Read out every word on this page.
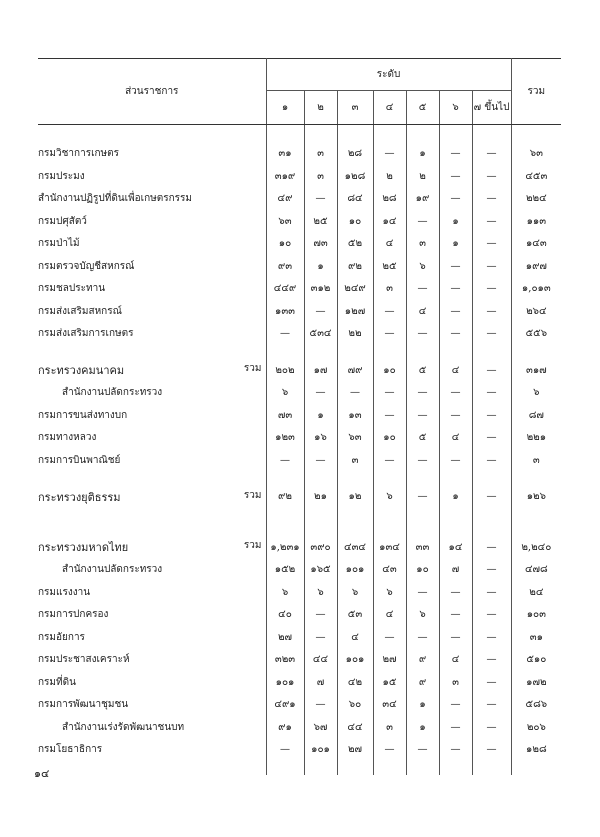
ส่วนราชการ	ระดับ							รวม
	๑	๒	๓	๔	๕	๖	๗ ขึ้นไป	

กรมวิชาการเกษตร	๓๑	๓	๒๘	—	๑	—	—	๖๓
กรมประมง	๓๑๙	๓	๑๒๘	๒	๒	—	—	๔๕๓
สำนักงานปฏิรูปที่ดินเพื่อเกษตรกรรม	๔๙	—	๘๔	๒๘	๑๙	—	—	๒๒๔
กรมปศุสัตว์	๖๓	๒๕	๑๐	๑๔	—	๑	—	๑๑๓
กรมป่าไม้	๑๐	๗๓	๕๒	๔	๓	๑	—	๑๔๓
กรมตรวจบัญชีสหกรณ์	๙๓	๑	๙๒	๒๕	๖	—	—	๑๙๗
กรมชลประทาน	๔๔๙	๓๑๒	๒๔๙	๓	—	—	—	๑,๐๑๓
กรมส่งเสริมสหกรณ์	๑๓๓	—	๑๒๗	—	๔	—	—	๒๖๔
กรมส่งเสริมการเกษตร	—	๕๓๔	๒๒	—	—	—	—	๕๕๖

รวม
กระทรวงคมนาคม	๒๐๒	๑๗	๗๙	๑๐	๕	๔	—	๓๑๗
สำนักงานปลัดกระทรวง	๖	—	—	—	—	—	—	๖
กรมการขนส่งทางบก	๗๓	๑	๑๓	—	—	—	—	๘๗
กรมทางหลวง	๑๒๓	๑๖	๖๓	๑๐	๕	๔	—	๒๒๑
กรมการบินพาณิชย์	—	—	๓	—	—	—	—	๓

รวม
กระทรวงยุติธรรม	๙๒	๒๑	๑๒	๖	—	๑	—	๑๒๖

รวม
กระทรวงมหาดไทย	๑,๒๓๑	๓๙๐	๔๓๔	๑๓๔	๓๓	๑๔	—	๒,๒๔๐
สำนักงานปลัดกระทรวง	๑๕๒	๑๖๕	๑๐๑	๔๓	๑๐	๗	—	๔๗๘
กรมแรงงาน	๖	๖	๖	๖	—	—	—	๒๔
กรมการปกครอง	๔๐	—	๕๓	๔	๖	—	—	๑๐๓
กรมอัยการ	๒๗	—	๔	—	—	—	—	๓๑
กรมประชาสงเคราะห์	๓๒๓	๔๔	๑๐๑	๒๗	๙	๔	—	๕๑๐
กรมที่ดิน	๑๐๑	๗	๔๒	๑๕	๙	๓	—	๑๗๒
กรมการพัฒนาชุมชน	๔๙๑	—	๖๐	๓๔	๑	—	—	๕๘๖
สำนักงานเร่งรัดพัฒนาชนบท	๙๑	๖๗	๔๔	๓	๑	—	—	๒๐๖
กรมโยธาธิการ	—	๑๐๑	๒๗	—	—	—	—	๑๒๘

๑๔
